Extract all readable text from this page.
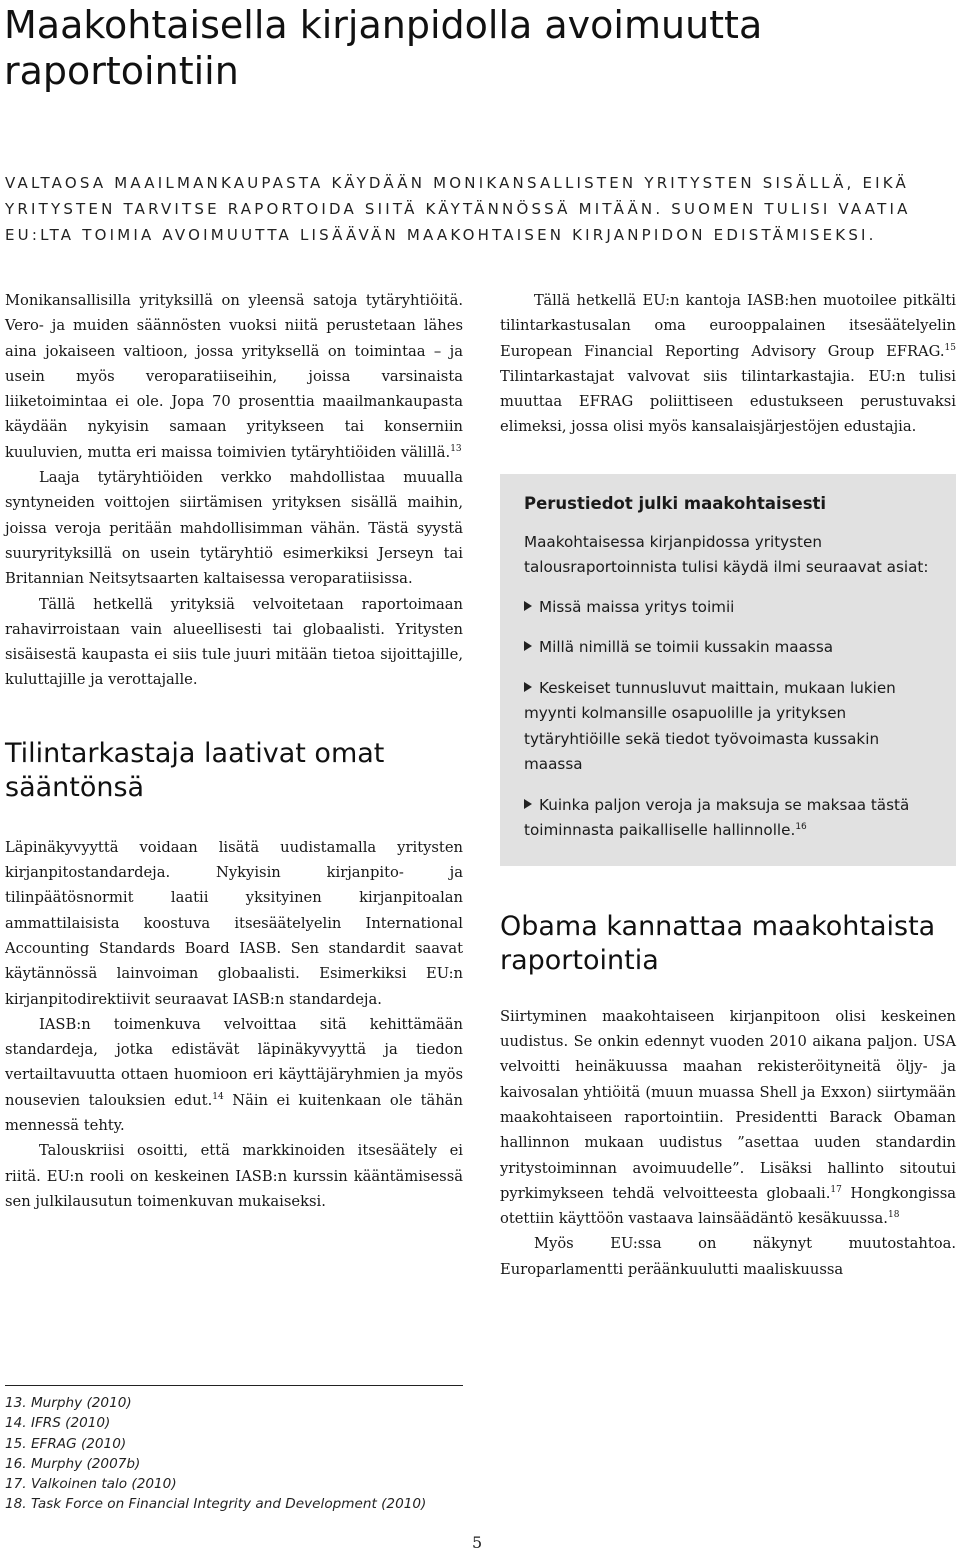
Maakohtaisella kirjanpidolla avoimuutta raportointiin
VALTAOSA MAAILMANKAUPASTA KÄYDÄÄN MONIKANSALLISTEN YRITYSTEN SISÄLLÄ, EIKÄ YRITYSTEN TARVITSE RAPORTOIDA SIITÄ KÄYTÄNNÖSSÄ MITÄÄN. SUOMEN TULISI VAATIA EU:LTA TOIMIA AVOIMUUTTA LISÄÄVÄN MAAKOHTAISEN KIRJANPIDON EDISTÄMISEKSI.

Monikansallisilla yrityksillä on yleensä satoja tytäryhtiöitä. Vero- ja muiden säännösten vuoksi niitä perustetaan lähes aina jokaiseen valtioon, jossa yrityksellä on toimintaa – ja usein myös veroparatiiseihin, joissa varsinaista liiketoimintaa ei ole. Jopa 70 prosenttia maailmankaupasta käydään nykyisin samaan yritykseen tai konserniin kuuluvien, mutta eri maissa toimivien tytäryhtiöiden välillä.$^{13}$

Laaja tytäryhtiöiden verkko mahdollistaa muualla syntyneiden voittojen siirtämisen yrityksen sisällä maihin, joissa veroja peritään mahdollisimman vähän. Tästä syystä suuryrityksillä on usein tytäryhtiö esimerkiksi Jerseyn tai Britannian Neitsytsaarten kaltaisessa veroparatiisissa.

Tällä hetkellä yrityksiä velvoitetaan raportoimaan rahavirroistaan vain alueellisesti tai globaalisti. Yritysten sisäisestä kaupasta ei siis tule juuri mitään tietoa sijoittajille, kuluttajille ja verottajalle.

Tilintarkastaja laativat omat sääntönsä

Läpinäkyvyyttä voidaan lisätä uudistamalla yritysten kirjanpitostandardeja. Nykyisin kirjanpito- ja tilinpäätösnormit laatii yksityinen kirjanpitoalan ammattilaisista koostuva itsesäätelyelin International Accounting Standards Board IASB. Sen standardit saavat käytännössä lainvoiman globaalisti. Esimerkiksi EU:n kirjanpitodirektiivit seuraavat IASB:n standardeja.

IASB:n toimenkuva velvoittaa sitä kehittämään standardeja, jotka edistävät läpinäkyvyyttä ja tiedon vertailtavuutta ottaen huomioon eri käyttäjäryhmien ja myös nousevien talouksien edut.$^{14}$ Näin ei kuitenkaan ole tähän mennessä tehty.

Talouskriisi osoitti, että markkinoiden itsesäätely ei riitä. EU:n rooli on keskeinen IASB:n kurssin kääntämisessä sen julkilausutun toimenkuvan mukaiseksi.

Tällä hetkellä EU:n kantoja IASB:hen muotoilee pitkälti tilintarkastusalan oma eurooppalainen itsesäätelyelin European Financial Reporting Advisory Group EFRAG.$^{15}$ Tilintarkastajat valvovat siis tilintarkastajia. EU:n tulisi muuttaa EFRAG poliittiseen edustukseen perustuvaksi elimeksi, jossa olisi myös kansalaisjärjestöjen edustajia.

Perustiedot julki maakohtaisesti
Maakohtaisessa kirjanpidossa yritysten talousraportoinnista tulisi käydä ilmi seuraavat asiat:
Missä maissa yritys toimii
Millä nimillä se toimii kussakin maassa
Keskeiset tunnusluvut maittain, mukaan lukien myynti kolmansille osapuolille ja yrityksen tytäryhtiöille sekä tiedot työvoimasta kussakin maassa
Kuinka paljon veroja ja maksuja se maksaa tästä toiminnasta paikalliselle hallinnolle.$^{16}$
Obama kannattaa maakohtaista raportointia

Siirtyminen maakohtaiseen kirjanpitoon olisi keskeinen uudistus. Se onkin edennyt vuoden 2010 aikana paljon. USA velvoitti heinäkuussa maahan rekisteröityneitä öljy- ja kaivosalan yhtiöitä (muun muassa Shell ja Exxon) siirtymään maakohtaiseen raportointiin. Presidentti Barack Obaman hallinnon mukaan uudistus ”asettaa uuden standardin yritystoiminnan avoimuudelle”. Lisäksi hallinto sitoutui pyrkimykseen tehdä velvoitteesta globaali.$^{17}$ Hongkongissa otettiin käyttöön vastaava lainsäädäntö kesäkuussa.$^{18}$

Myös EU:ssa on näkynyt muutostahtoa. Europarlamentti peräänkuulutti maaliskuussa

13. Murphy (2010)
14. IFRS (2010)
15. EFRAG (2010)
16. Murphy (2007b)
17. Valkoinen talo (2010)
18. Task Force on Financial Integrity and Development (2010)
5
